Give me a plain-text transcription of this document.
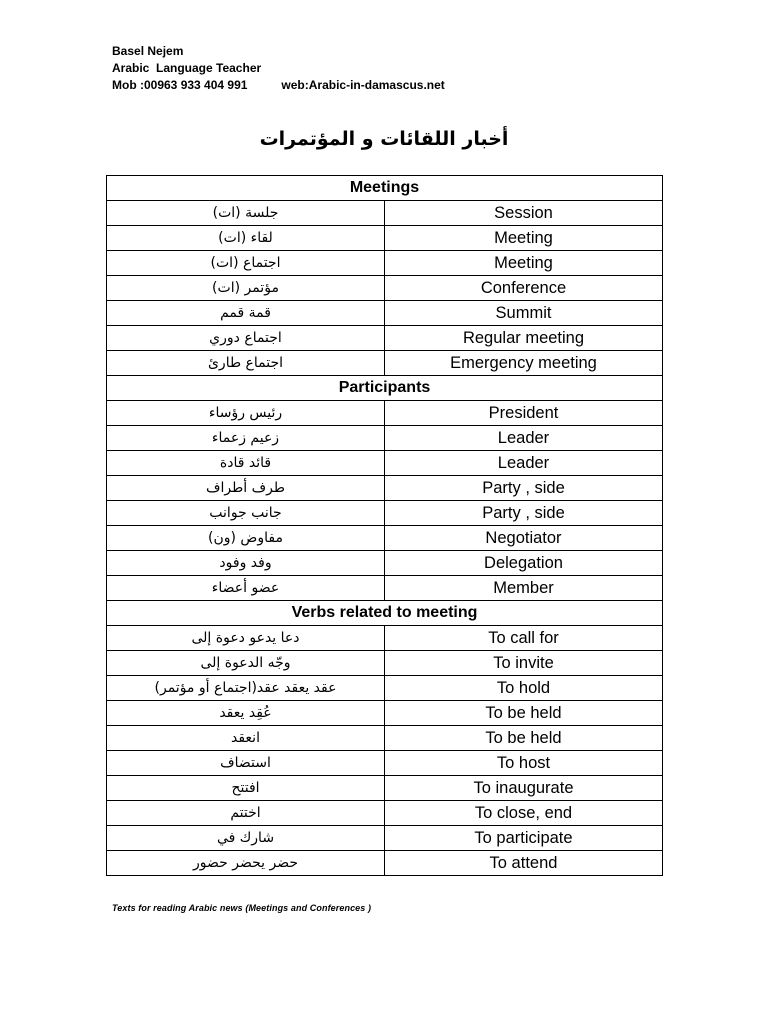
Basel Nejem
Arabic  Language Teacher
Mob :00963 933 404 991	web:Arabic-in-damascus.net
أخبار اللقائات و المؤتمرات
Meetings	
جلسة (ات)	Session
لقاء (ات)	Meeting
اجتماع (ات)	Meeting
مؤتمر (ات)	Conference
قمة قمم	Summit
اجتماع دوري	Regular meeting
اجتماع طارئ	Emergency meeting
Participants	
رئيس رؤساء	President
زعيم زعماء	Leader
قائد قادة	Leader
طرف أطراف	Party , side
جانب جوانب	Party , side
مفاوض (ون)	Negotiator
وفد وفود	Delegation
عضو أعضاء	Member
Verbs related to meeting	
دعا يدعو دعوة إلى	To call for
وجّه الدعوة إلى	To invite
عقد يعقد عقد(اجتماع أو مؤتمر)	To hold
عُقِد يعقد	To be held
انعقد	To be held
استضاف	To host
افتتح	To inaugurate
اختتم	To close, end
شارك في	To participate
حضر يحضر حضور	To attend
Texts for reading Arabic news (Meetings and Conferences )
